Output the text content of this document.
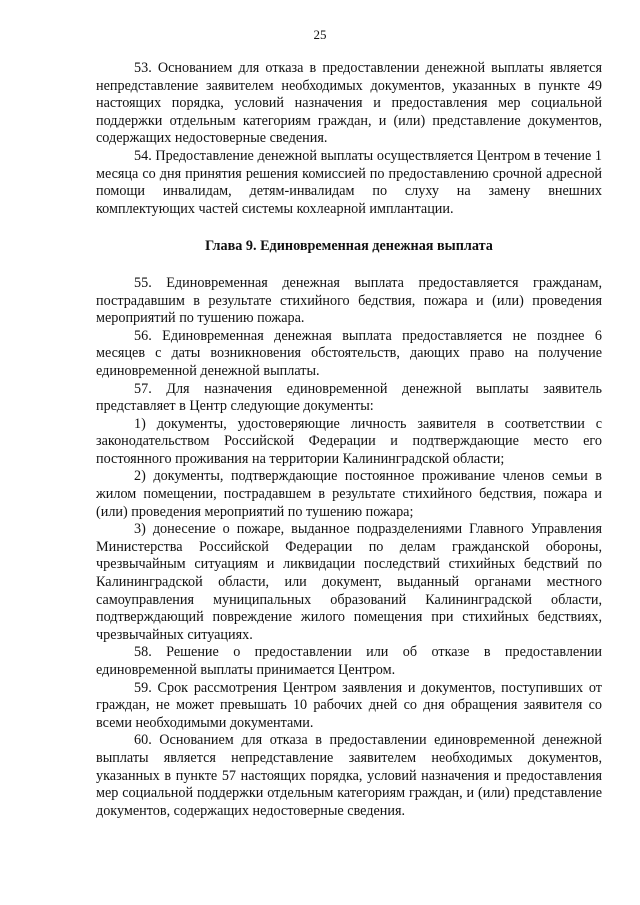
25

53. Основанием для отказа в предоставлении денежной выплаты является непредставление заявителем необходимых документов, указанных в пункте 49 настоящих порядка, условий назначения и предоставления мер социальной поддержки отдельным категориям граждан, и (или) представление документов, содержащих недостоверные сведения.

54. Предоставление денежной выплаты осуществляется Центром в течение 1 месяца со дня принятия решения комиссией по предоставлению срочной адресной помощи инвалидам, детям-инвалидам по слуху на замену внешних комплектующих частей системы кохлеарной имплантации.

Глава 9. Единовременная денежная выплата

55. Единовременная денежная выплата предоставляется гражданам, пострадавшим в результате стихийного бедствия, пожара и (или) проведения мероприятий по тушению пожара.

56. Единовременная денежная выплата предоставляется не позднее 6 месяцев с даты возникновения обстоятельств, дающих право на получение единовременной денежной выплаты.

57. Для назначения единовременной денежной выплаты заявитель представляет в Центр следующие документы:

1) документы, удостоверяющие личность заявителя в соответствии с законодательством Российской Федерации и подтверждающие место его постоянного проживания на территории Калининградской области;

2) документы, подтверждающие постоянное проживание членов семьи в жилом помещении, пострадавшем в результате стихийного бедствия, пожара и (или) проведения мероприятий по тушению пожара;

3) донесение о пожаре, выданное подразделениями Главного Управления Министерства Российской Федерации по делам гражданской обороны, чрезвычайным ситуациям и ликвидации последствий стихийных бедствий по Калининградской области, или документ, выданный органами местного самоуправления муниципальных образований Калининградской области, подтверждающий повреждение жилого помещения при стихийных бедствиях, чрезвычайных ситуациях.

58. Решение о предоставлении или об отказе в предоставлении единовременной выплаты принимается Центром.

59. Срок рассмотрения Центром заявления и документов, поступивших от граждан, не может превышать 10 рабочих дней со дня обращения заявителя со всеми необходимыми документами.

60. Основанием для отказа в предоставлении единовременной денежной выплаты является непредставление заявителем необходимых документов, указанных в пункте 57 настоящих порядка, условий назначения и предоставления мер социальной поддержки отдельным категориям граждан, и (или) представление документов, содержащих недостоверные сведения.
